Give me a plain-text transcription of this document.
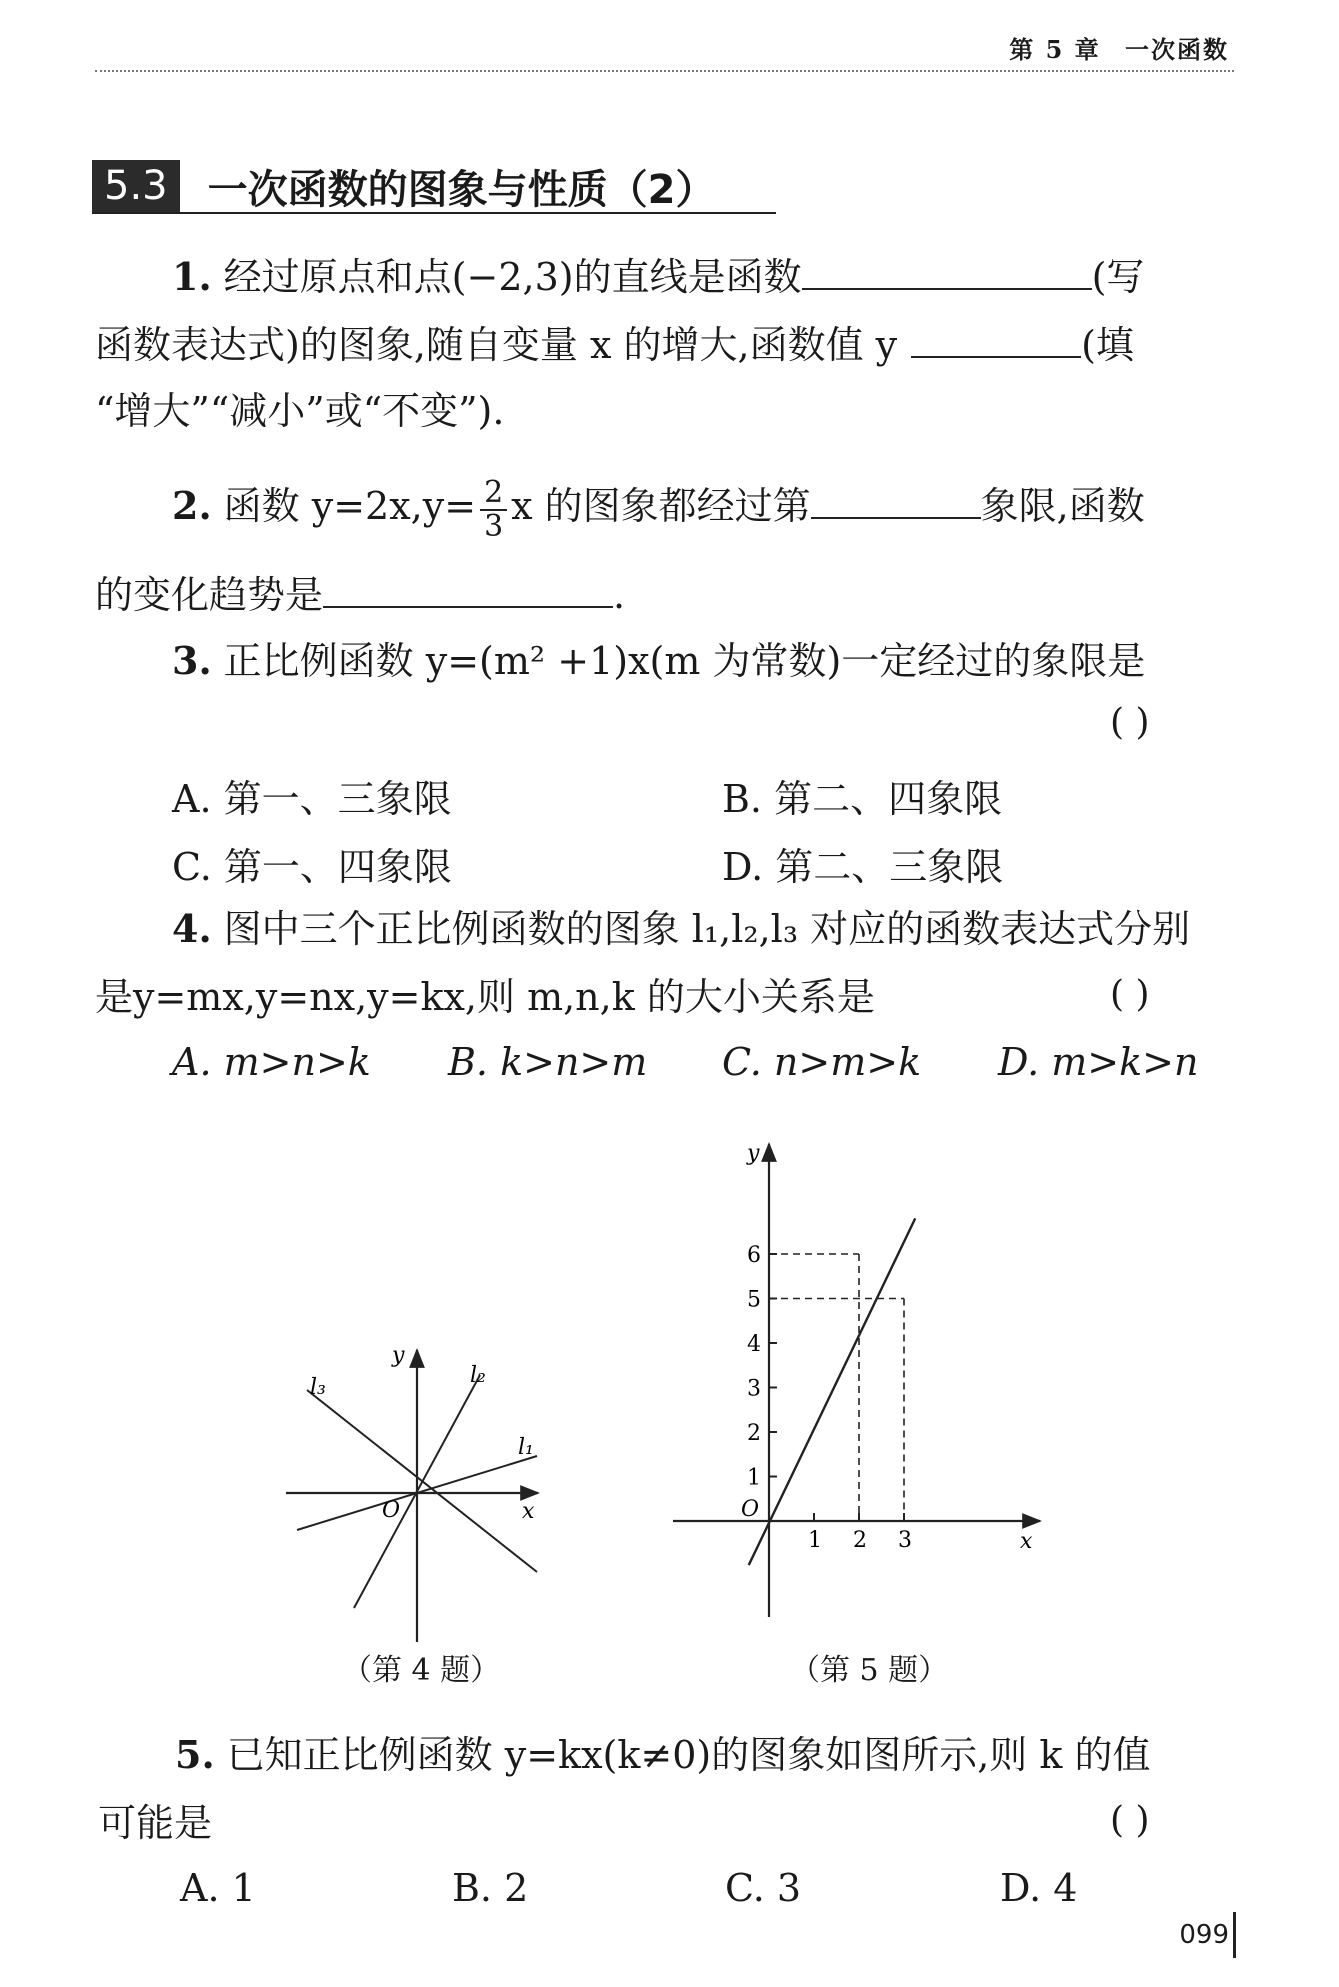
第 5 章 一次函数
5.3	一次函数的图象与性质（2）
1. 经过原点和点(−2,3)的直线是函数	(写
函数表达式)的图象,随自变量 x 的增大,函数值 y	(填
“增大”“减小”或“不变”).
2. 函数 $y=2x,y= \frac{2}{3}$ x 的图象都经过第	象限,函数
的变化趋势是	.
3. 正比例函数 y=(m² +1)x(m 为常数)一定经过的象限是
( )
A. 第一、三象限	B. 第二、四象限
C. 第一、四象限	D. 第二、三象限
4. 图中三个正比例函数的图象 l₁,l₂,l₃ 对应的函数表达式分别
是y=mx,y=nx,y=kx,则 m,n,k 的大小关系是	( )
A. m>n>k B. k>n>m C. n>m>k D. m>k>n
x
y
O
l₁
l₂
l₃
（第 4 题）
1 2 3
1
2
3
4
5
6
x
y
O
（第 5 题）
5. 已知正比例函数 y=kx(k≠0)的图象如图所示,则 k 的值
可能是	( )
A. 1	B. 2	C. 3	D. 4
099
